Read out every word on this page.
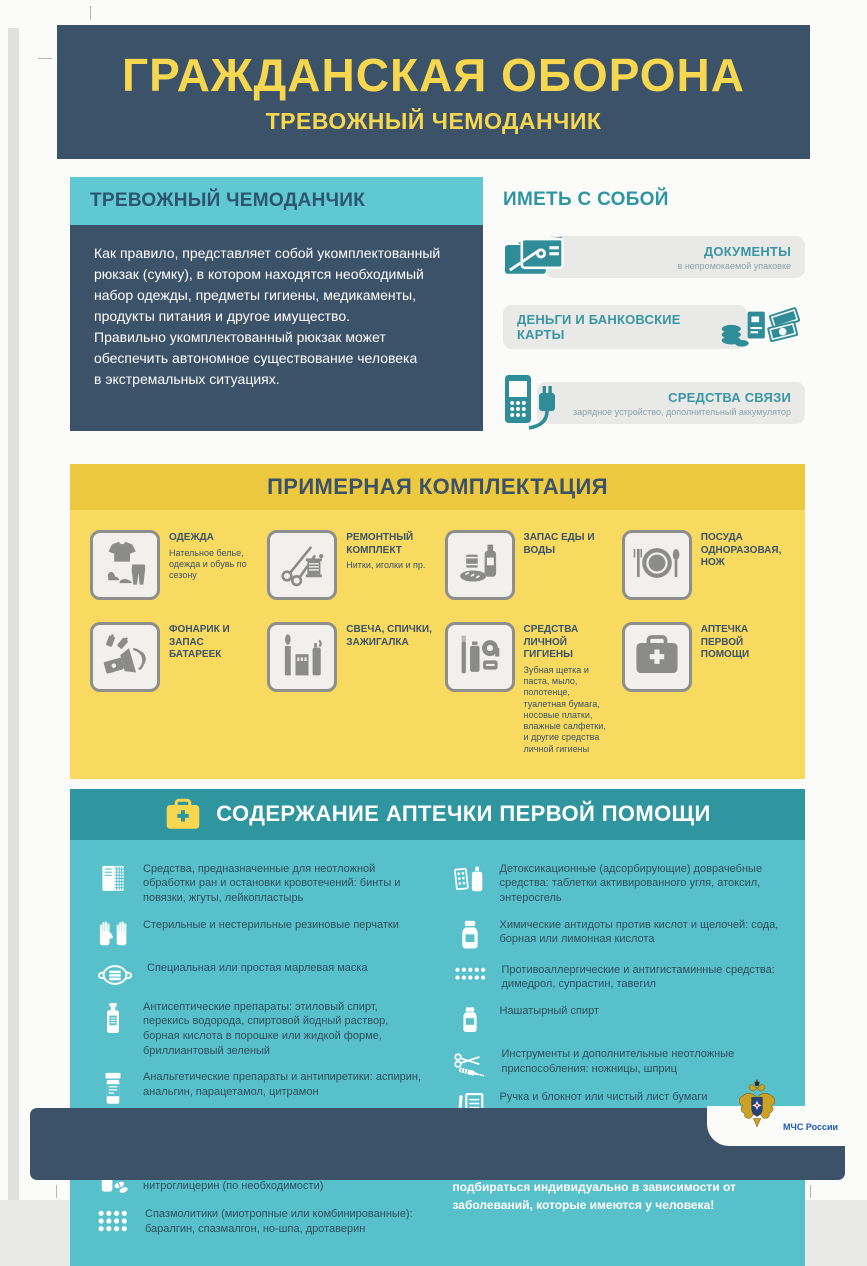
ГРАЖДАНСКАЯ ОБОРОНА
ТРЕВОЖНЫЙ ЧЕМОДАНЧИК
ТРЕВОЖНЫЙ ЧЕМОДАНЧИК
Как правило, представляет собой укомплектованный рюкзак (сумку), в котором находятся необходимый набор одежды, предметы гигиены, медикаменты, продукты питания и другое имущество.
Правильно укомплектованный рюкзак может обеспечить автономное существование человека
в экстремальных ситуациях.
ИМЕТЬ С СОБОЙ
ДОКУМЕНТЫ
в непромокаемой упаковке
ДЕНЬГИ И БАНКОВСКИЕ КАРТЫ
СРЕДСТВА СВЯЗИ
зарядное устройство, дополнительный аккумулятор
ПРИМЕРНАЯ КОМПЛЕКТАЦИЯ
ОДЕЖДА
Нательное белье, одежда и обувь по сезону
РЕМОНТНЫЙ КОМПЛЕКТ
Нитки, иголки и пр.
ЗАПАС ЕДЫ И ВОДЫ
ПОСУДА ОДНОРАЗОВАЯ, НОЖ
ФОНАРИК И ЗАПАС БАТАРЕЕК
СВЕЧА, СПИЧКИ, ЗАЖИГАЛКА
СРЕДСТВА ЛИЧНОЙ ГИГИЕНЫ
Зубная щетка и паста, мыло, полотенце, туалетная бумага, носовые платки, влажные салфетки, и другие средства личной гигиены
АПТЕЧКА ПЕРВОЙ ПОМОЩИ
СОДЕРЖАНИЕ АПТЕЧКИ ПЕРВОЙ ПОМОЩИ
Средства, предназначенные для неотложной обработки ран и остановки кровотечений: бинты и повязки, жгуты, лейкопластырь
Стерильные и нестерильные резиновые перчатки
Специальная или простая марлевая маска
Антисептические препараты: этиловый спирт, перекись водорода, спиртовой йодный раствор, борная кислота в порошке или жидкой форме, бриллиантовый зеленый
Анальгетические препараты и антипиретики: аспирин, анальгин, парацетамол, цитрамон
нитроглицерин (по необходимости)
Спазмолитики (миотропные или комбинированные): баралгин, спазмалгон, но-шпа, дротаверин
Детоксикационные (адсорбирующие) доврачебные средства: таблетки активированного угля, атоксил, энтеросгель
Химические антидоты против кислот и щелочей: сода, борная или лимонная кислота
Противоаллергические и антигистаминные средства: димедрол, супрастин, тавегил
Нашатырный спирт
Инструменты и дополнительные неотложные приспособления: ножницы, шприц
Ручка и блокнот или чистый лист бумаги
подбираться индивидуально в зависимости от заболеваний, которые имеются у человека!
МЧС России
